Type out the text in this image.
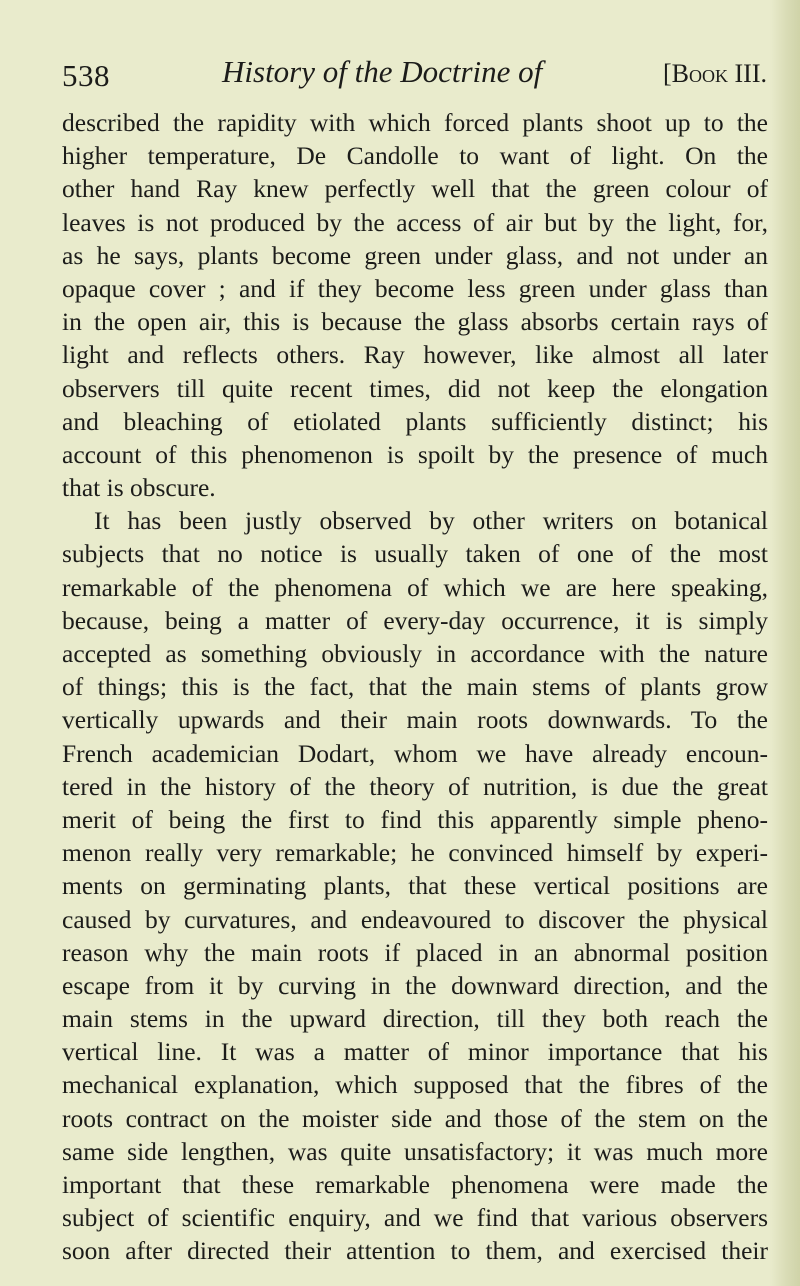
538	History of the Doctrine of	[Book III.
described the rapidity with which forced plants shoot up to the
higher temperature, De Candolle to want of light. On the
other hand Ray knew perfectly well that the green colour of
leaves is not produced by the access of air but by the light, for,
as he says, plants become green under glass, and not under an
opaque cover ; and if they become less green under glass than
in the open air, this is because the glass absorbs certain rays of
light and reflects others. Ray however, like almost all later
observers till quite recent times, did not keep the elongation
and bleaching of etiolated plants sufficiently distinct; his
account of this phenomenon is spoilt by the presence of much
that is obscure.
It has been justly observed by other writers on botanical
subjects that no notice is usually taken of one of the most
remarkable of the phenomena of which we are here speaking,
because, being a matter of every-day occurrence, it is simply
accepted as something obviously in accordance with the nature
of things; this is the fact, that the main stems of plants grow
vertically upwards and their main roots downwards. To the
French academician Dodart, whom we have already encoun-
tered in the history of the theory of nutrition, is due the great
merit of being the first to find this apparently simple pheno-
menon really very remarkable; he convinced himself by experi-
ments on germinating plants, that these vertical positions are
caused by curvatures, and endeavoured to discover the physical
reason why the main roots if placed in an abnormal position
escape from it by curving in the downward direction, and the
main stems in the upward direction, till they both reach the
vertical line. It was a matter of minor importance that his
mechanical explanation, which supposed that the fibres of the
roots contract on the moister side and those of the stem on the
same side lengthen, was quite unsatisfactory; it was much more
important that these remarkable phenomena were made the
subject of scientific enquiry, and we find that various observers
soon after directed their attention to them, and exercised their
